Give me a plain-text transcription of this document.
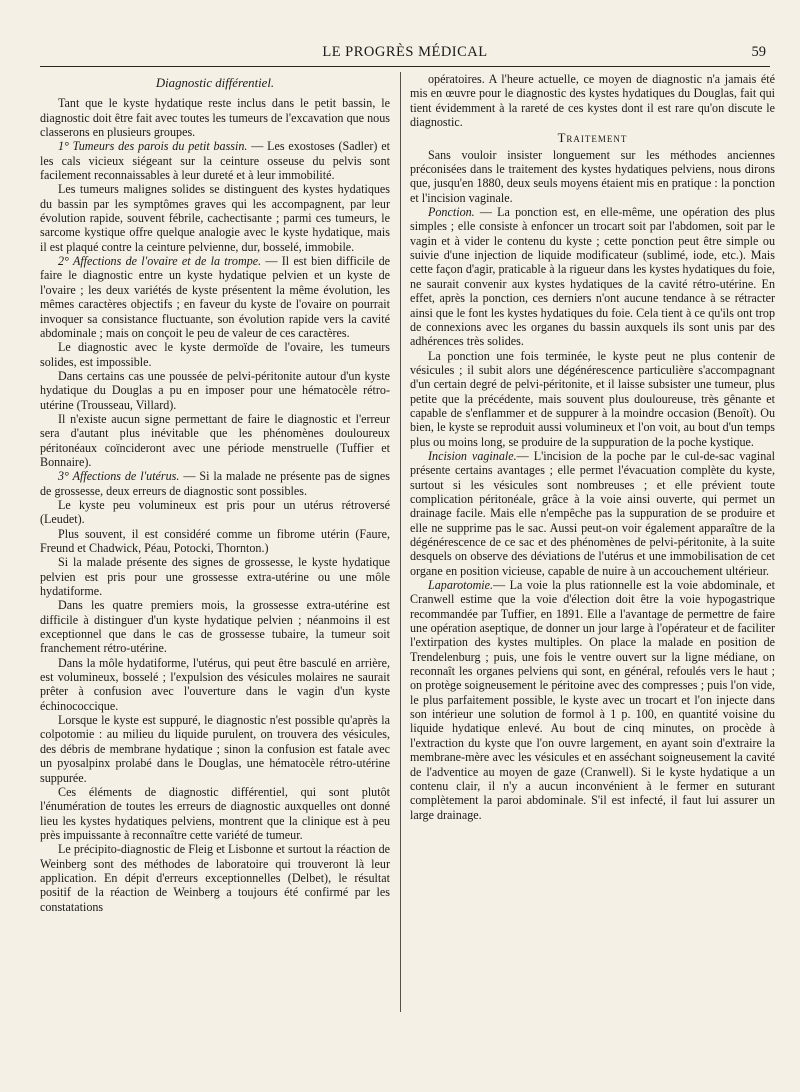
LE PROGRÈS MÉDICAL	59
Diagnostic différentiel.

Tant que le kyste hydatique reste inclus dans le petit bassin, le diagnostic doit être fait avec toutes les tumeurs de l'excavation que nous classerons en plusieurs groupes.

1° Tumeurs des parois du petit bassin. — Les exostoses (Sadler) et les cals vicieux siégeant sur la ceinture osseuse du pelvis sont facilement reconnaissables à leur dureté et à leur immobilité.

Les tumeurs malignes solides se distinguent des kystes hydatiques du bassin par les symptômes graves qui les accompagnent, par leur évolution rapide, souvent fébrile, cachectisante ; parmi ces tumeurs, le sarcome kystique offre quelque analogie avec le kyste hydatique, mais il est plaqué contre la ceinture pelvienne, dur, bosselé, immobile.

2° Affections de l'ovaire et de la trompe. — Il est bien difficile de faire le diagnostic entre un kyste hydatique pelvien et un kyste de l'ovaire ; les deux variétés de kyste présentent la même évolution, les mêmes caractères objectifs ; en faveur du kyste de l'ovaire on pourrait invoquer sa consistance fluctuante, son évolution rapide vers la cavité abdominale ; mais on conçoit le peu de valeur de ces caractères.

Le diagnostic avec le kyste dermoïde de l'ovaire, les tumeurs solides, est impossible.

Dans certains cas une poussée de pelvi-péritonite autour d'un kyste hydatique du Douglas a pu en imposer pour une hématocèle rétro-utérine (Trousseau, Villard).

Il n'existe aucun signe permettant de faire le diagnostic et l'erreur sera d'autant plus inévitable que les phénomènes douloureux péritonéaux coïncideront avec une période menstruelle (Tuffier et Bonnaire).

3° Affections de l'utérus. — Si la malade ne présente pas de signes de grossesse, deux erreurs de diagnostic sont possibles.

Le kyste peu volumineux est pris pour un utérus rétroversé (Leudet).

Plus souvent, il est considéré comme un fibrome utérin (Faure, Freund et Chadwick, Péau, Potocki, Thornton.)

Si la malade présente des signes de grossesse, le kyste hydatique pelvien est pris pour une grossesse extra-utérine ou une môle hydatiforme.

Dans les quatre premiers mois, la grossesse extra-utérine est difficile à distinguer d'un kyste hydatique pelvien ; néanmoins il est exceptionnel que dans le cas de grossesse tubaire, la tumeur soit franchement rétro-utérine.

Dans la môle hydatiforme, l'utérus, qui peut être basculé en arrière, est volumineux, bosselé ; l'expulsion des vésicules molaires ne saurait prêter à confusion avec l'ouverture dans le vagin d'un kyste échinococcique.

Lorsque le kyste est suppuré, le diagnostic n'est possible qu'après la colpotomie : au milieu du liquide purulent, on trouvera des vésicules, des débris de membrane hydatique ; sinon la confusion est fatale avec un pyosalpinx prolabé dans le Douglas, une hématocèle rétro-utérine suppurée.

Ces éléments de diagnostic différentiel, qui sont plutôt l'énumération de toutes les erreurs de diagnostic auxquelles ont donné lieu les kystes hydatiques pelviens, montrent que la clinique est à peu près impuissante à reconnaître cette variété de tumeur.

Le précipito-diagnostic de Fleig et Lisbonne et surtout la réaction de Weinberg sont des méthodes de laboratoire qui trouveront là leur application. En dépit d'erreurs exceptionnelles (Delbet), le résultat positif de la réaction de Weinberg a toujours été confirmé par les constatations

opératoires. A l'heure actuelle, ce moyen de diagnostic n'a jamais été mis en œuvre pour le diagnostic des kystes hydatiques du Douglas, fait qui tient évidemment à la rareté de ces kystes dont il est rare qu'on discute le diagnostic.

Traitement

Sans vouloir insister longuement sur les méthodes anciennes préconisées dans le traitement des kystes hydatiques pelviens, nous dirons que, jusqu'en 1880, deux seuls moyens étaient mis en pratique : la ponction et l'incision vaginale.

Ponction. — La ponction est, en elle-même, une opération des plus simples ; elle consiste à enfoncer un trocart soit par l'abdomen, soit par le vagin et à vider le contenu du kyste ; cette ponction peut être simple ou suivie d'une injection de liquide modificateur (sublimé, iode, etc.). Mais cette façon d'agir, praticable à la rigueur dans les kystes hydatiques du foie, ne saurait convenir aux kystes hydatiques de la cavité rétro-utérine. En effet, après la ponction, ces derniers n'ont aucune tendance à se rétracter ainsi que le font les kystes hydatiques du foie. Cela tient à ce qu'ils ont trop de connexions avec les organes du bassin auxquels ils sont unis par des adhérences très solides.

La ponction une fois terminée, le kyste peut ne plus contenir de vésicules ; il subit alors une dégénérescence particulière s'accompagnant d'un certain degré de pelvi-péritonite, et il laisse subsister une tumeur, plus petite que la précédente, mais souvent plus douloureuse, très gênante et capable de s'enflammer et de suppurer à la moindre occasion (Benoît). Ou bien, le kyste se reproduit aussi volumineux et l'on voit, au bout d'un temps plus ou moins long, se produire de la suppuration de la poche kystique.

Incision vaginale.— L'incision de la poche par le cul-de-sac vaginal présente certains avantages ; elle permet l'évacuation complète du kyste, surtout si les vésicules sont nombreuses ; et elle prévient toute complication péritonéale, grâce à la voie ainsi ouverte, qui permet un drainage facile. Mais elle n'empêche pas la suppuration de se produire et elle ne supprime pas le sac. Aussi peut-on voir également apparaître de la dégénérescence de ce sac et des phénomènes de pelvi-péritonite, à la suite desquels on observe des déviations de l'utérus et une immobilisation de cet organe en position vicieuse, capable de nuire à un accouchement ultérieur.

Laparotomie.— La voie la plus rationnelle est la voie abdominale, et Cranwell estime que la voie d'élection doit être la voie hypogastrique recommandée par Tuffier, en 1891. Elle a l'avantage de permettre de faire une opération aseptique, de donner un jour large à l'opérateur et de faciliter l'extirpation des kystes multiples. On place la malade en position de Trendelenburg ; puis, une fois le ventre ouvert sur la ligne médiane, on reconnaît les organes pelviens qui sont, en général, refoulés vers le haut ; on protège soigneusement le péritoine avec des compresses ; puis l'on vide, le plus parfaitement possible, le kyste avec un trocart et l'on injecte dans son intérieur une solution de formol à 1 p. 100, en quantité voisine du liquide hydatique enlevé. Au bout de cinq minutes, on procède à l'extraction du kyste que l'on ouvre largement, en ayant soin d'extraire la membrane-mère avec les vésicules et en asséchant soigneusement la cavité de l'adventice au moyen de gaze (Cranwell). Si le kyste hydatique a un contenu clair, il n'y a aucun inconvénient à le fermer en suturant complètement la paroi abdominale. S'il est infecté, il faut lui assurer un large drainage.
